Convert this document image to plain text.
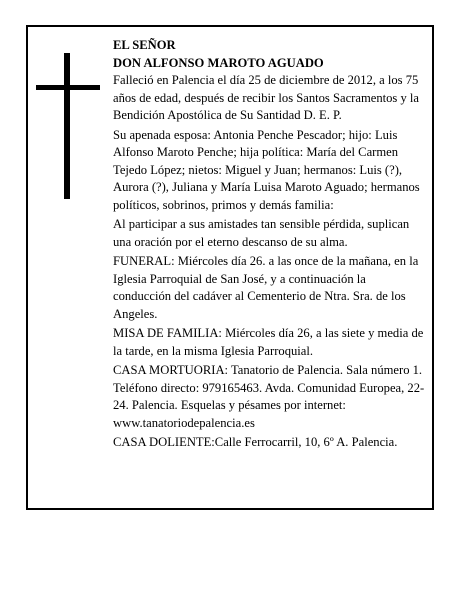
EL SEÑOR

DON ALFONSO MAROTO AGUADO

Falleció en Palencia el día 25 de diciembre de 2012, a los 75 años de edad, después de recibir los Santos Sacramentos y la Bendición Apostólica de Su Santidad D. E. P.

Su apenada esposa: Antonia Penche Pescador; hijo: Luis Alfonso Maroto Penche; hija política: María del Carmen Tejedo López; nietos: Miguel y Juan; hermanos: Luis (?), Aurora (?), Juliana y María Luisa Maroto Aguado; hermanos políticos, sobrinos, primos y demás familia:

Al participar a sus amistades tan sensible pérdida, suplican una oración por el eterno descanso de su alma.

FUNERAL: Miércoles día 26. a las once de la mañana, en la Iglesia Parroquial de San José, y a continuación la conducción del cadáver al Cementerio de Ntra. Sra. de los Angeles.

MISA DE FAMILIA: Miércoles día 26, a las siete y media de la tarde, en la misma Iglesia Parroquial.

CASA MORTUORIA: Tanatorio de Palencia. Sala número 1. Teléfono directo: 979165463. Avda. Comunidad Europea, 22-24. Palencia. Esquelas y pésames por internet: www.tanatoriodepalencia.es

CASA DOLIENTE:Calle Ferrocarril, 10, 6º A. Palencia.
